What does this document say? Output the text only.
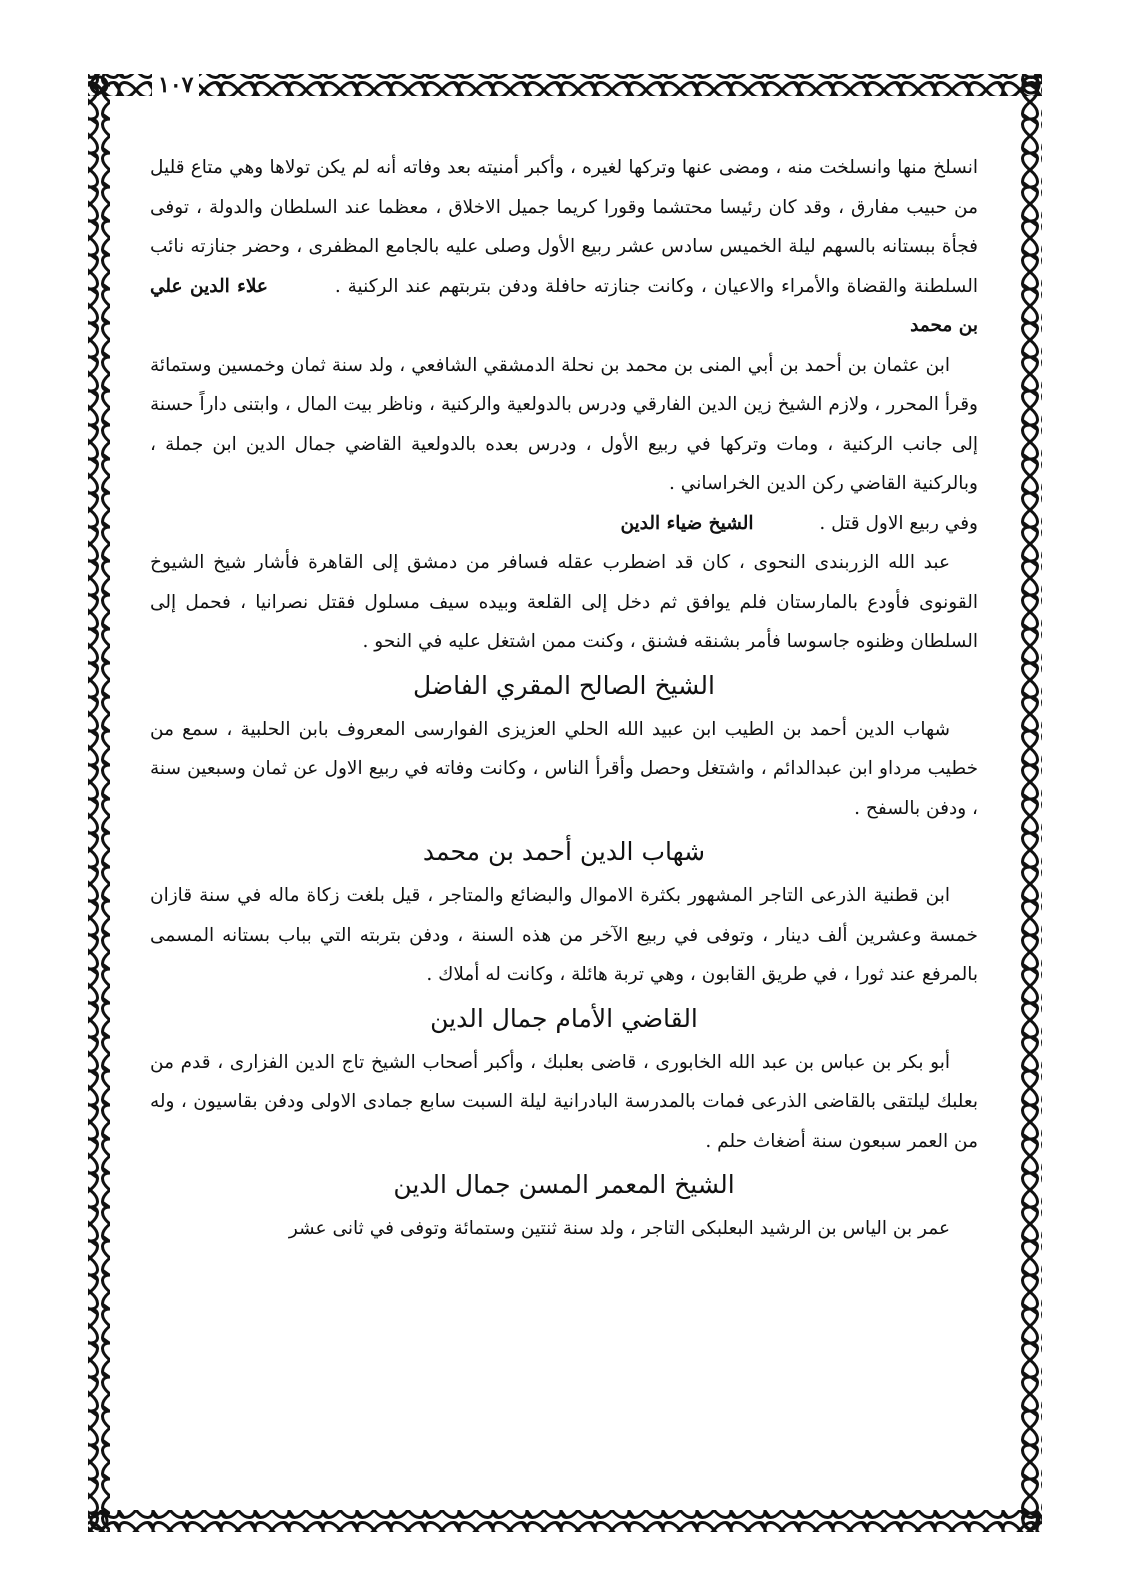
١٠٧

انسلخ منها وانسلخت منه ، ومضى عنها وتركها لغيره ، وأكبر أمنيته بعد وفاته أنه لم يكن تولاها وهي متاع قليل من حبيب مفارق ، وقد كان رئيسا محتشما وقورا كريما جميل الاخلاق ، معظما عند السلطان والدولة ، توفى فجأة ببستانه بالسهم ليلة الخميس سادس عشر ربيع الأول وصلى عليه بالجامع المظفرى ، وحضر جنازته نائب السلطنة والقضاة والأمراء والاعيان ، وكانت جنازته حافلة ودفن بتربتهم عند الركنية . علاء الدين علي بن محمد

ابن عثمان بن أحمد بن أبي المنى بن محمد بن نحلة الدمشقي الشافعي ، ولد سنة ثمان وخمسين وستمائة وقرأ المحرر ، ولازم الشيخ زين الدين الفارقي ودرس بالدولعية والركنية ، وناظر بيت المال ، وابتنى داراً حسنة إلى جانب الركنية ، ومات وتركها في ربيع الأول ، ودرس بعده بالدولعية القاضي جمال الدين ابن جملة ، وبالركنية القاضي ركن الدين الخراساني .

وفي ربيع الاول قتل . الشيخ ضياء الدين

عبد الله الزربندى النحوى ، كان قد اضطرب عقله فسافر من دمشق إلى القاهرة فأشار شيخ الشيوخ القونوى فأودع بالمارستان فلم يوافق ثم دخل إلى القلعة وبيده سيف مسلول فقتل نصرانيا ، فحمل إلى السلطان وظنوه جاسوسا فأمر بشنقه فشنق ، وكنت ممن اشتغل عليه في النحو .

الشيخ الصالح المقري الفاضل

شهاب الدين أحمد بن الطيب ابن عبيد الله الحلي العزيزى الفوارسى المعروف بابن الحلبية ، سمع من خطيب مرداو ابن عبدالدائم ، واشتغل وحصل وأقرأ الناس ، وكانت وفاته في ربيع الاول عن ثمان وسبعين سنة ، ودفن بالسفح .

شهاب الدين أحمد بن محمد

ابن قطنية الذرعى التاجر المشهور بكثرة الاموال والبضائع والمتاجر ، قيل بلغت زكاة ماله في سنة قازان خمسة وعشرين ألف دينار ، وتوفى في ربيع الآخر من هذه السنة ، ودفن بتربته التي بباب بستانه المسمى بالمرفع عند ثورا ، في طريق القابون ، وهي تربة هائلة ، وكانت له أملاك .

القاضي الأمام جمال الدين

أبو بكر بن عباس بن عبد الله الخابورى ، قاضى بعلبك ، وأكبر أصحاب الشيخ تاج الدين الفزارى ، قدم من بعلبك ليلتقى بالقاضى الذرعى فمات بالمدرسة البادرانية ليلة السبت سابع جمادى الاولى ودفن بقاسيون ، وله من العمر سبعون سنة أضغاث حلم .

الشيخ المعمر المسن جمال الدين

عمر بن الياس بن الرشيد البعلبكى التاجر ، ولد سنة ثنتين وستمائة وتوفى في ثانى عشر
